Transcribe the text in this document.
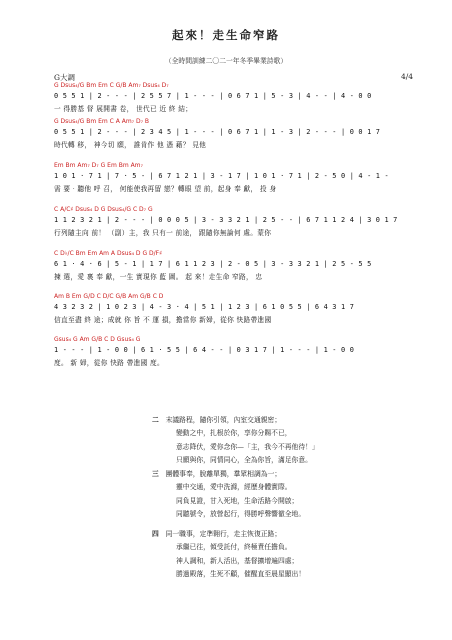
起來！走生命窄路
（全時間訓練二〇二一年冬季畢業詩歌）
G大調	4/4
G Dsus₄/G Bm Em C G/B Am₇ Dsus₄ D₇
0 5 5 1 | 2 - - - | 2 5 5 7 | 1 - - - | 0 6 7 1 | 5 - 3 | 4 - - | 4 - 0 0
一 得勝基 督 展開書 卷， 世代已 近 終 結；
G Dsus₄/G Bm Em C A Am₇ D₇ B
0 5 5 1 | 2 - - - | 2 3 4 5 | 1 - - - | 0 6 7 1 | 1 - 3 | 2 - - - | 0 0 1 7
時代轉 移， 神今切 願， 誰肯作 他 憑 藉？ 見他
Em Bm Am₇ D₇ G Em Bm Am₇
1 0 1 · 7 1 | 7 · 5 - | 6 7 1 2 1 | 3 - 1 7 | 1 0 1 · 7 1 | 2 - 5 0 | 4 - 1 -
需 要‧聽他 呼 召， 何能使我再留 戀？轉眼 望 前，起身 奉 獻， 投 身
C A/C♯ Dsus₄ D G Dsus₄/G C D₇ G
1 1 2 3 2 1 | 2 - - - | 0 0 0 5 | 3 - 3 3 2 1 | 2 5 - - | 6 7 1 1 2 4 | 3 0 1 7
行列隨主向 前！ （副）主，我 只有一 前途， 跟隨你無論何 處。蒙你
C D♭/C Bm Em Am A Dsus₄ D G D/F♯
6 1 · 4 · 6 | 5 - 1 | 1 7 | 6 1 1 2 3 | 2 - 0 5 | 3 - 3 3 2 1 | 2 5 - 5 5
揀 選，愛 裏 奉 獻，一生 實現你 藍 圖。 起 來！走生命 窄路， 忠
Am B Em G/D C D/C G/B Am G/B C D
4 3 2 3 2 | 1 0 2 3 | 4 - 3 · 4 | 5 1 | 1 2 3 | 6 1 0 5 5 | 6 4 3 1 7
信直至盡 終 途；成就 你 旨 不 運 損，擔當你 新婦，從你 快路帶進國
Gsus₄ G Am G/B C D Gsus₄ G
1 - - - | 1 - 0 0 | 6 1 · 5 5 | 6 4 - - | 0 3 1 7 | 1 - - - | 1 - 0 0
度。 新 婦，從你 快路 帶進國 度。
二　 末議路程，隨你引領，內室交通親密；
變動之中，扎根於你，享你分賜不已，
意志降伏，愛你念你—「主，我今不再他待！」
只願與你，同情同心，全為你旨，滿足你意。
三　 團體事奉，脫離單獨，羣眾相調為一；
靈中交通，愛中洗滌，經歷身體實際。
同負見證，甘入死地，生命活路今開啟；
同聽號令，放營起行，得勝呼聲響徹全地。
四　 同一職事，定準翱行，走主恢復正路；
承繼已往，傾受託付，終極責任擔負。
神人調和，新人活出，基督擴增遍四處；
勝過殿落，生死不顧，催醒直至晨星顯出！
